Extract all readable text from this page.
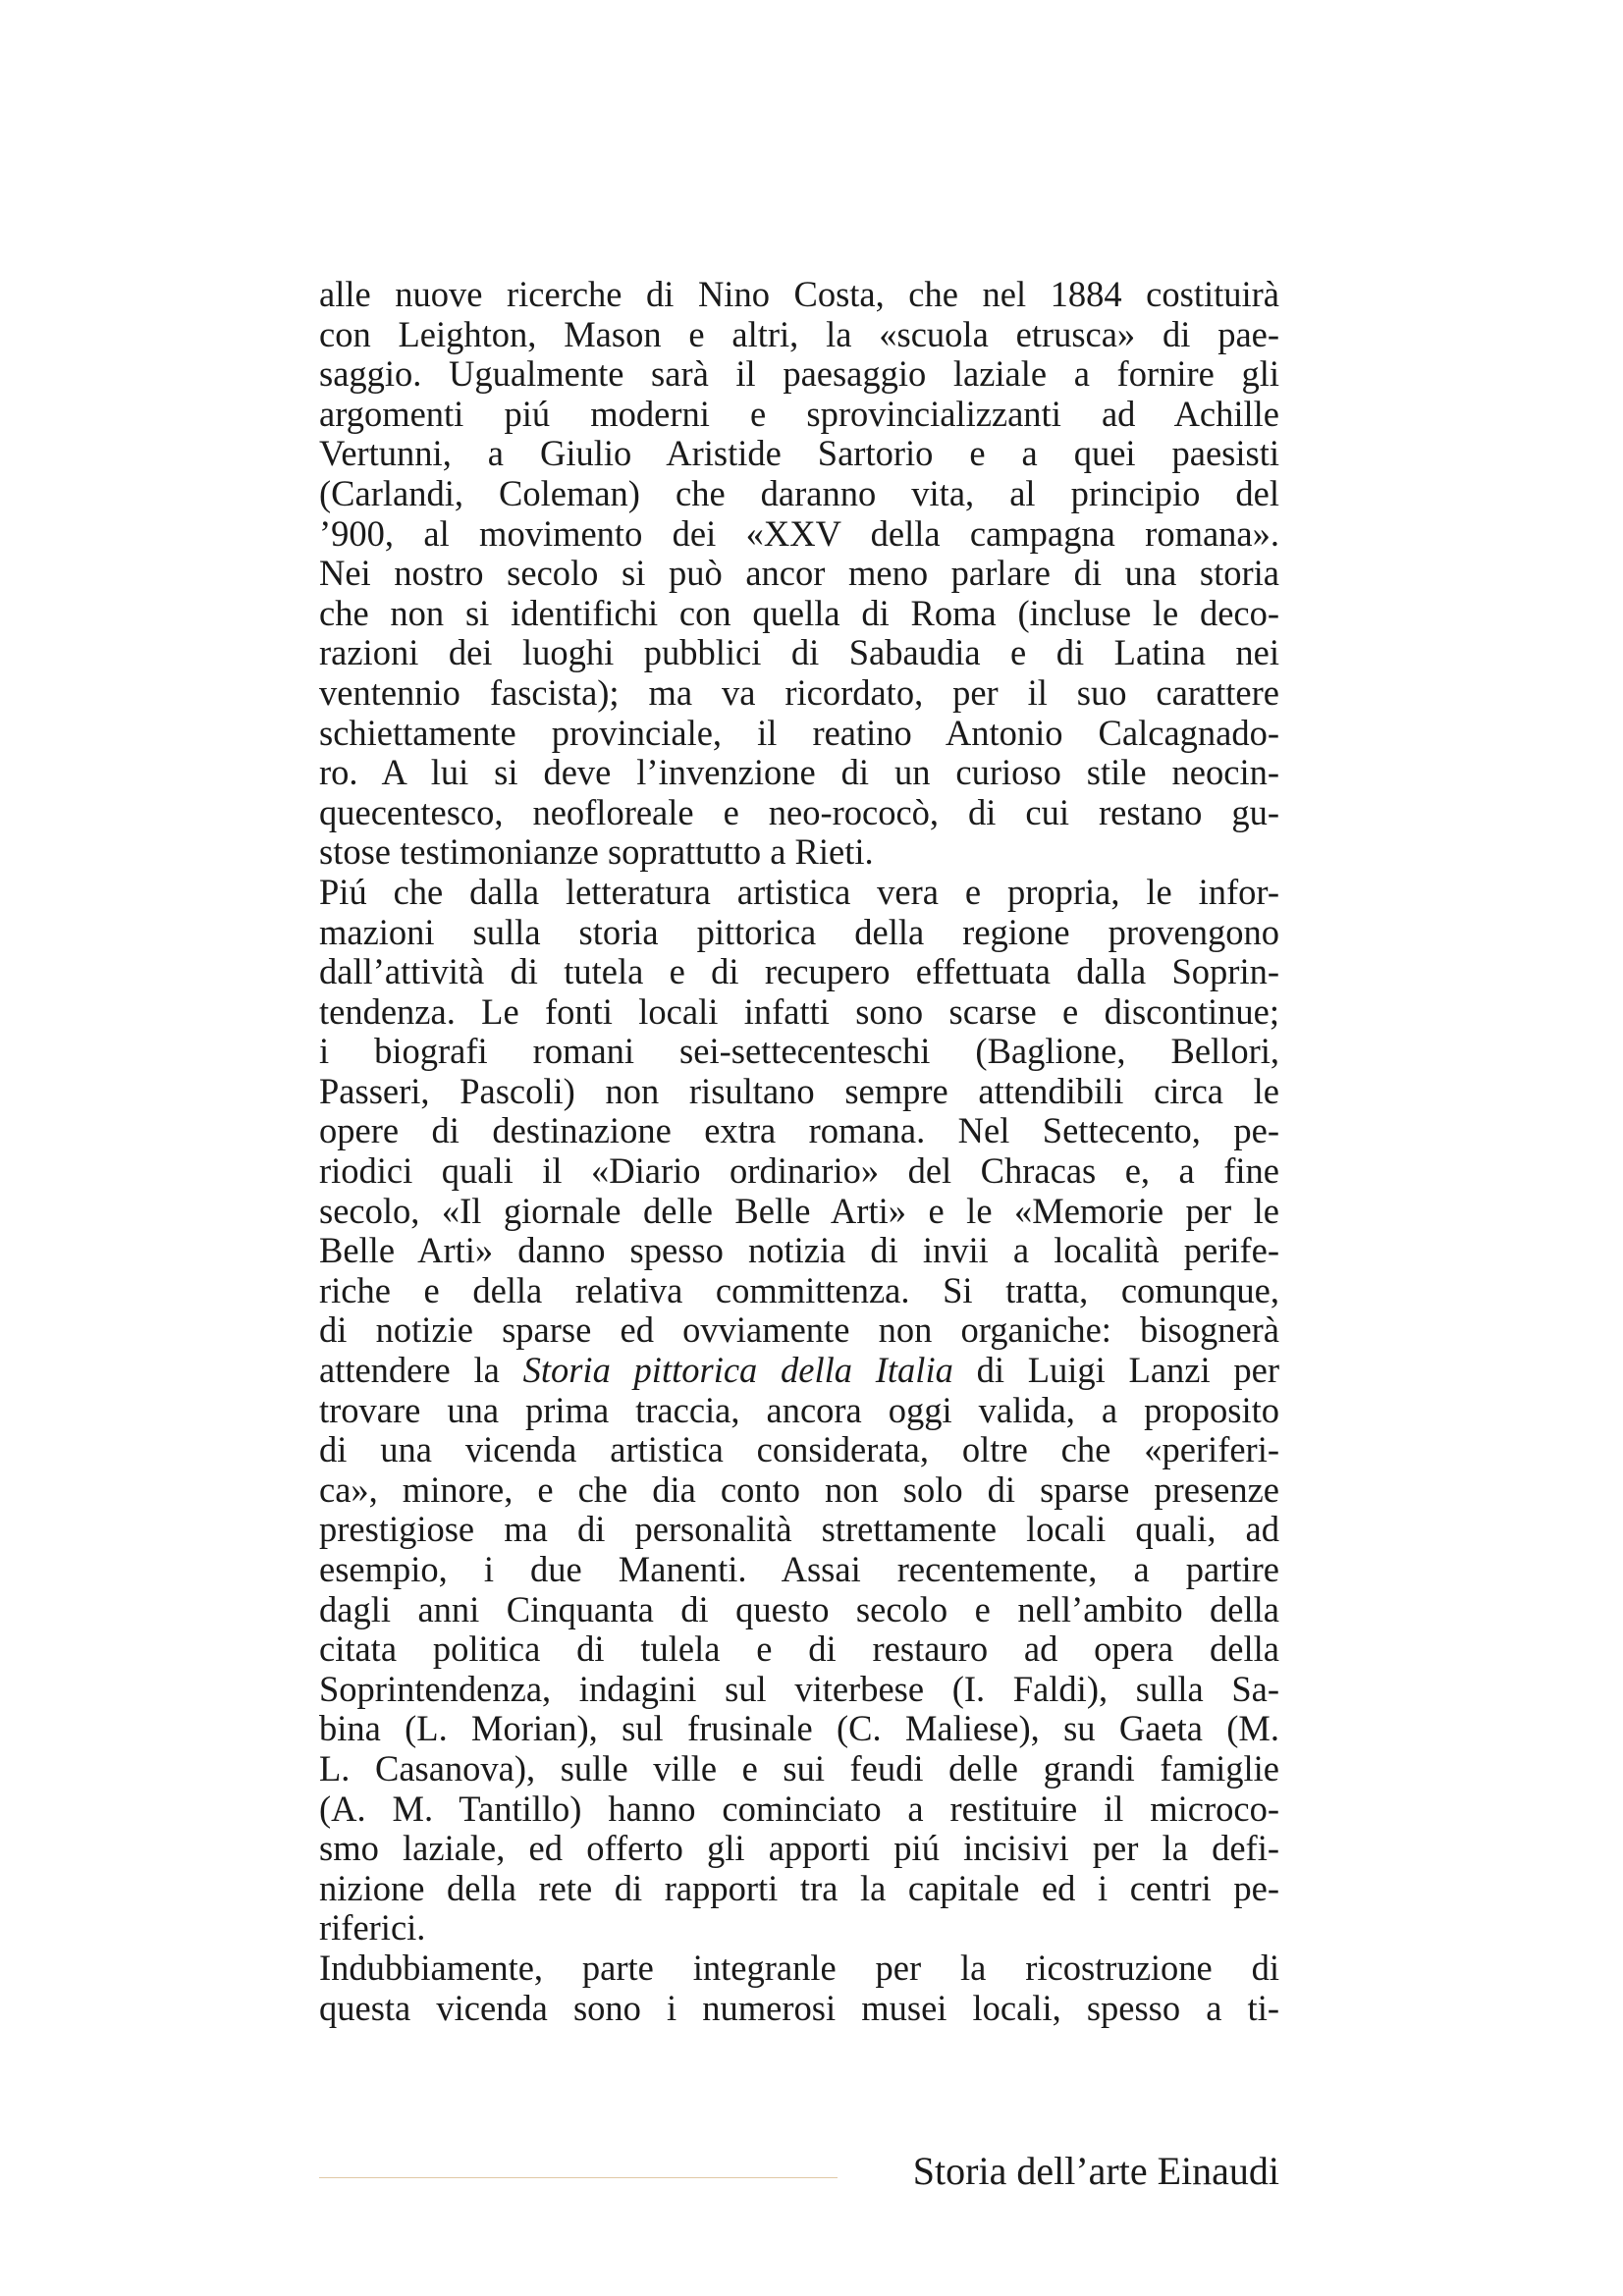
alle nuove ricerche di Nino Costa, che nel 1884 costituirà
con Leighton, Mason e altri, la «scuola etrusca» di pae-
saggio. Ugualmente sarà il paesaggio laziale a fornire gli
argomenti piú moderni e sprovincializzanti ad Achille
Vertunni, a Giulio Aristide Sartorio e a quei paesisti
(Carlandi, Coleman) che daranno vita, al principio del
’900, al movimento dei «XXV della campagna romana».
Nei nostro secolo si può ancor meno parlare di una storia
che non si identifichi con quella di Roma (incluse le deco-
razioni dei luoghi pubblici di Sabaudia e di Latina nei
ventennio fascista); ma va ricordato, per il suo carattere
schiettamente provinciale, il reatino Antonio Calcagnado-
ro. A lui si deve l’invenzione di un curioso stile neocin-
quecentesco, neofloreale e neo-rococò, di cui restano gu-
stose testimonianze soprattutto a Rieti.
Piú che dalla letteratura artistica vera e propria, le infor-
mazioni sulla storia pittorica della regione provengono
dall’attività di tutela e di recupero effettuata dalla Soprin-
tendenza. Le fonti locali infatti sono scarse e discontinue;
i biografi romani sei-settecenteschi (Baglione, Bellori,
Passeri, Pascoli) non risultano sempre attendibili circa le
opere di destinazione extra romana. Nel Settecento, pe-
riodici quali il «Diario ordinario» del Chracas e, a fine
secolo, «Il giornale delle Belle Arti» e le «Memorie per le
Belle Arti» danno spesso notizia di invii a località perife-
riche e della relativa committenza. Si tratta, comunque,
di notizie sparse ed ovviamente non organiche: bisognerà
attendere la Storia pittorica della Italia di Luigi Lanzi per
trovare una prima traccia, ancora oggi valida, a proposito
di una vicenda artistica considerata, oltre che «periferi-
ca», minore, e che dia conto non solo di sparse presenze
prestigiose ma di personalità strettamente locali quali, ad
esempio, i due Manenti. Assai recentemente, a partire
dagli anni Cinquanta di questo secolo e nell’ambito della
citata politica di tulela e di restauro ad opera della
Soprintendenza, indagini sul viterbese (I. Faldi), sulla Sa-
bina (L. Morian), sul frusinale (C. Maliese), su Gaeta (M.
L. Casanova), sulle ville e sui feudi delle grandi famiglie
(A. M. Tantillo) hanno cominciato a restituire il microco-
smo laziale, ed offerto gli apporti piú incisivi per la defi-
nizione della rete di rapporti tra la capitale ed i centri pe-
riferici.
Indubbiamente, parte integranle per la ricostruzione di
questa vicenda sono i numerosi musei locali, spesso a ti-
Storia dell’arte Einaudi
